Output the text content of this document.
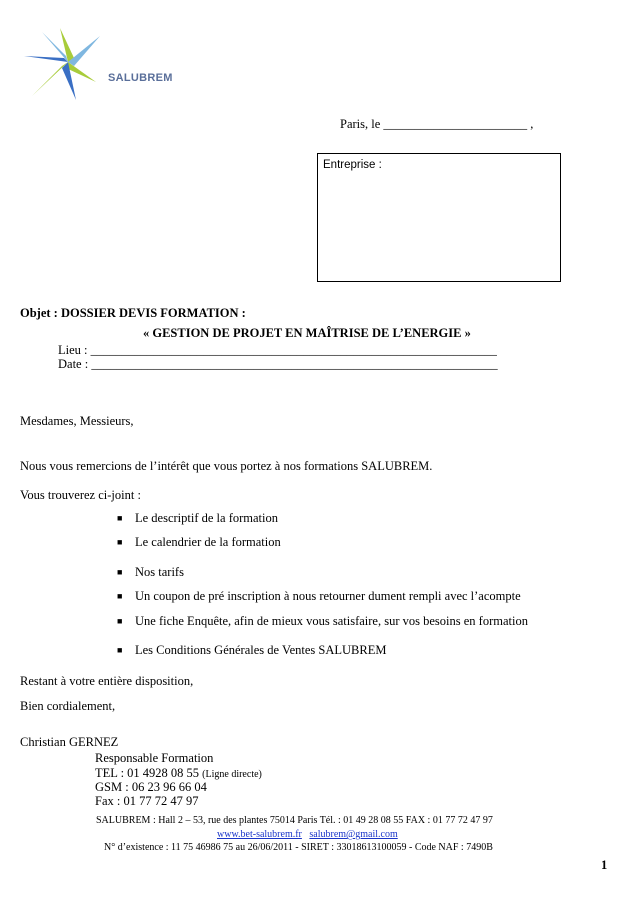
SALUBREM
Paris, le _______________________ ,
Entreprise :
Objet : DOSSIER DEVIS FORMATION :
« GESTION DE PROJET EN MAÎTRISE DE L’ENERGIE »
Lieu : _________________________________________________________________
Date : _________________________________________________________________
Mesdames, Messieurs,
Nous vous remercions de l’intérêt que vous portez à nos formations SALUBREM.
Vous trouverez ci-joint :
■ Le descriptif de la formation
■ Le calendrier de la formation
■ Nos tarifs
■ Un coupon de pré inscription à nous retourner dument rempli avec l’acompte
■ Une fiche Enquête, afin de mieux vous satisfaire, sur vos besoins en formation
■ Les Conditions Générales de Ventes SALUBREM
Restant à votre entière disposition,
Bien cordialement,
Christian GERNEZ
Responsable Formation
TEL : 01 4928 08 55 (Ligne directe)
GSM : 06 23 96 66 04
Fax : 01 77 72 47 97
SALUBREM : Hall 2 – 53, rue des plantes 75014 Paris Tél. : 01 49 28 08 55 FAX : 01 77 72 47 97
www.bet-salubrem.fr salubrem@gmail.com
N° d’existence : 11 75 46986 75 au 26/06/2011 - SIRET : 33018613100059 - Code NAF : 7490B
1
